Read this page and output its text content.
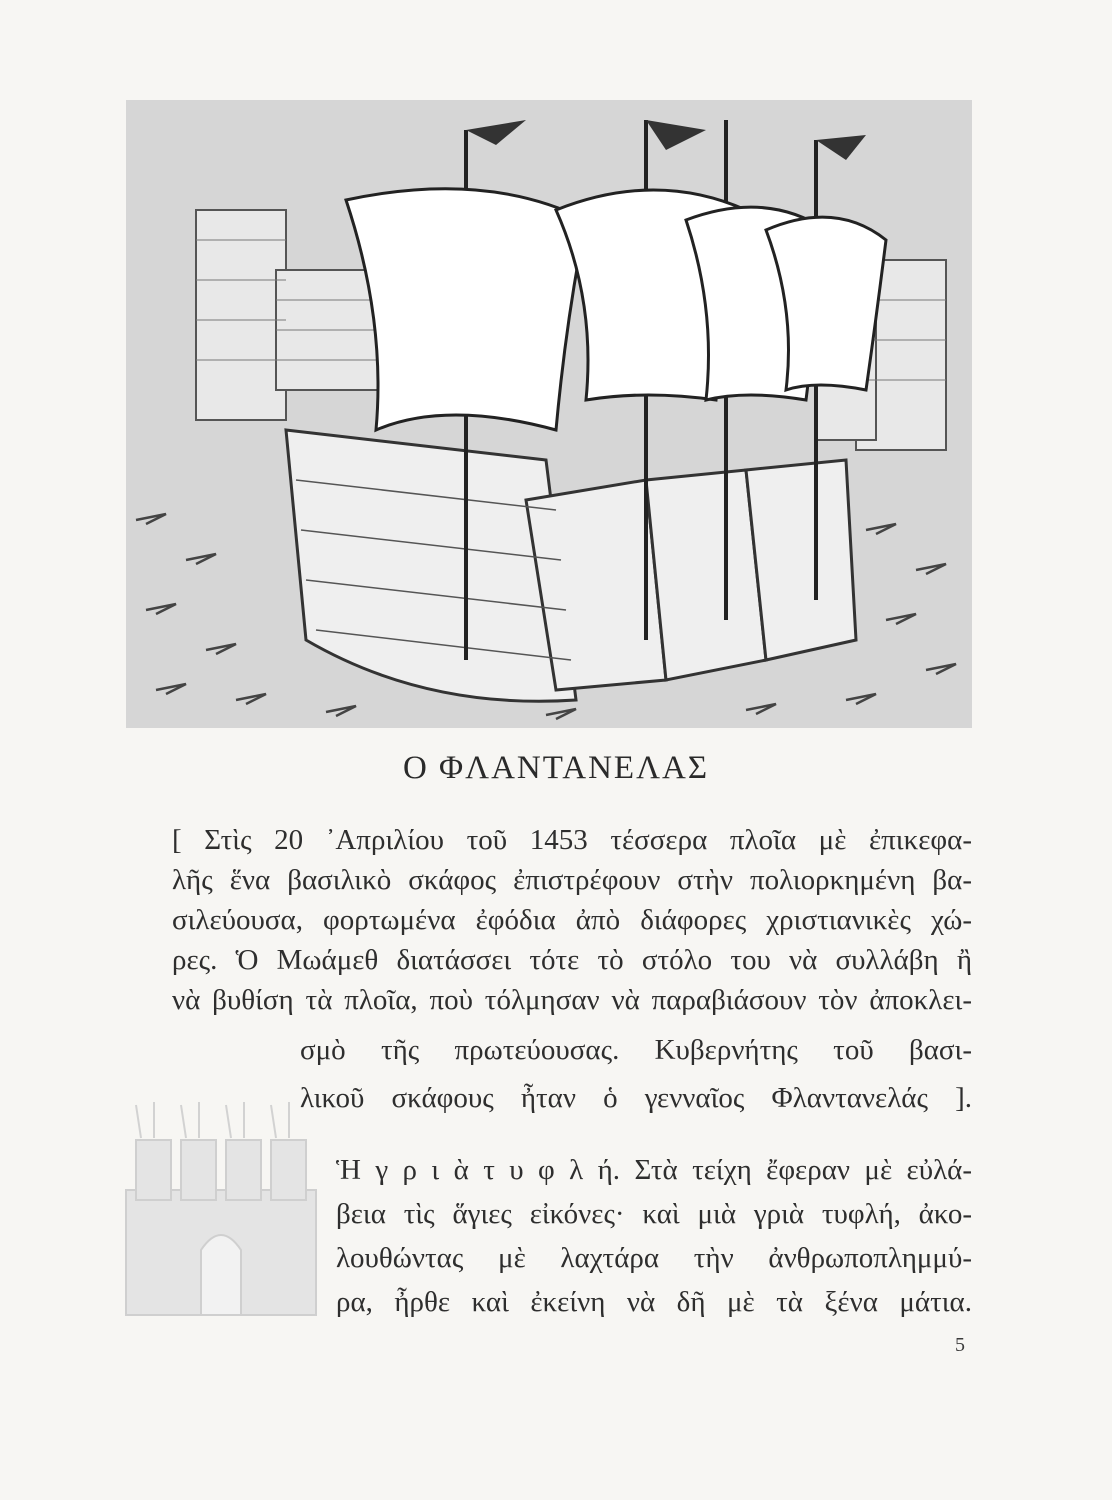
Ο ΦΛΑΝΤΑΝΕΛΑΣ
[ Στὶς 20 ᾿Απριλίου τοῦ 1453 τέσσερα πλοῖα μὲ ἐπικεφα-
λῆς ἕνα βασιλικὸ σκάφος ἐπιστρέφουν στὴν πολιορκημένη βα-
σιλεύουσα, φορτωμένα ἐφόδια ἀπὸ διάφορες χριστιανικὲς χώ-
ρες. Ὁ Μωάμεθ διατάσσει τότε τὸ στόλο του νὰ συλλάβη ἢ
νὰ βυθίση τὰ πλοῖα, ποὺ τόλμησαν νὰ παραβιάσουν τὸν ἀποκλει-
σμὸ τῆς πρωτεύουσας. Κυβερνήτης τοῦ βασι-
λικοῦ σκάφους ἦταν ὁ γενναῖος Φλαντανελάς ].
Ἡ γ ρ ι ὰ τ υ φ λ ή. Στὰ τείχη ἔφεραν μὲ εὐλά-
βεια τὶς ἅγιες εἰκόνες· καὶ μιὰ γριὰ τυφλή, ἀκο-
λουθώντας μὲ λαχτάρα τὴν ἀνθρωποπλημμύ-
ρα, ἦρθε καὶ ἐκείνη νὰ δῆ μὲ τὰ ξένα μάτια.
5
